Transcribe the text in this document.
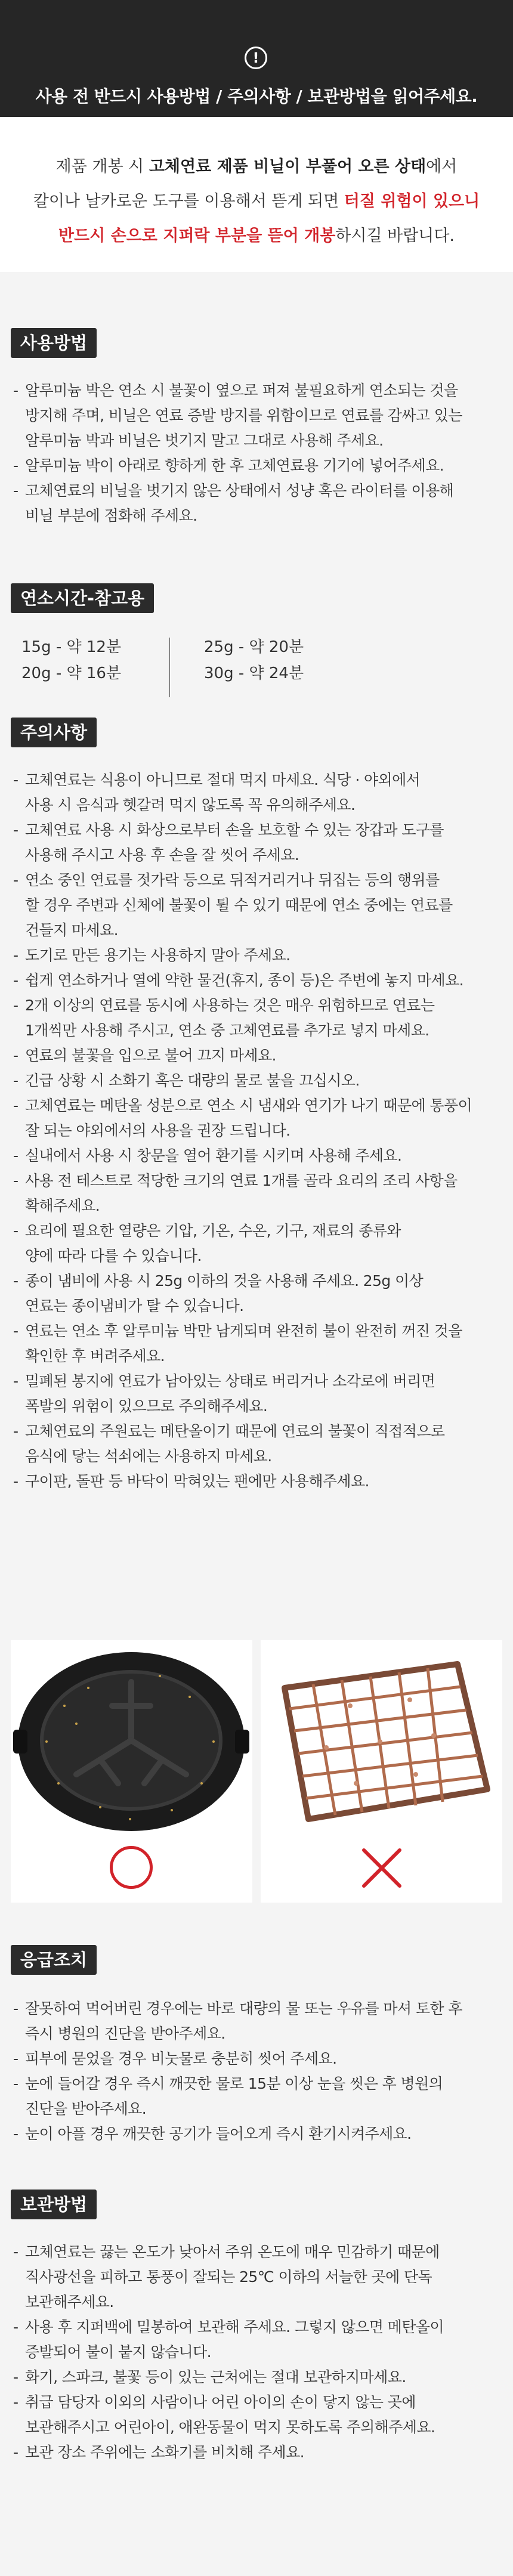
!
사용 전 반드시 사용방법 / 주의사항 / 보관방법을 읽어주세요.
제품 개봉 시 고체연료 제품 비닐이 부풀어 오른 상태에서
칼이나 날카로운 도구를 이용해서 뜯게 되면 터질 위험이 있으니
반드시 손으로 지퍼락 부분을 뜯어 개봉하시길 바랍니다.
사용방법
- 알루미늄 박은 연소 시 불꽃이 옆으로 퍼져 불필요하게 연소되는 것을
방지해 주며, 비닐은 연료 증발 방지를 위함이므로 연료를 감싸고 있는
알루미늄 박과 비닐은 벗기지 말고 그대로 사용해 주세요.
- 알루미늄 박이 아래로 향하게 한 후 고체연료용 기기에 넣어주세요.
- 고체연료의 비닐을 벗기지 않은 상태에서 성냥 혹은 라이터를 이용해
비닐 부분에 점화해 주세요.
연소시간-참고용
15g - 약 12분
20g - 약 16분
25g - 약 20분
30g - 약 24분
주의사항
- 고체연료는 식용이 아니므로 절대 먹지 마세요. 식당 · 야외에서
사용 시 음식과 헷갈려 먹지 않도록 꼭 유의해주세요.
- 고체연료 사용 시 화상으로부터 손을 보호할 수 있는 장갑과 도구를
사용해 주시고 사용 후 손을 잘 씻어 주세요.
- 연소 중인 연료를 젓가락 등으로 뒤적거리거나 뒤집는 등의 행위를
할 경우 주변과 신체에 불꽃이 튈 수 있기 때문에 연소 중에는 연료를
건들지 마세요.
- 도기로 만든 용기는 사용하지 말아 주세요.
- 쉽게 연소하거나 열에 약한 물건(휴지, 종이 등)은 주변에 놓지 마세요.
- 2개 이상의 연료를 동시에 사용하는 것은 매우 위험하므로 연료는
1개씩만 사용해 주시고, 연소 중 고체연료를 추가로 넣지 마세요.
- 연료의 불꽃을 입으로 불어 끄지 마세요.
- 긴급 상황 시 소화기 혹은 대량의 물로 불을 끄십시오.
- 고체연료는 메탄올 성분으로 연소 시 냄새와 연기가 나기 때문에 통풍이
잘 되는 야외에서의 사용을 권장 드립니다.
- 실내에서 사용 시 창문을 열어 환기를 시키며 사용해 주세요.
- 사용 전 테스트로 적당한 크기의 연료 1개를 골라 요리의 조리 사항을
확해주세요.
- 요리에 필요한 열량은 기압, 기온, 수온, 기구, 재료의 종류와
양에 따라 다를 수 있습니다.
- 종이 냄비에 사용 시 25g 이하의 것을 사용해 주세요. 25g 이상
연료는 종이냄비가 탈 수 있습니다.
- 연료는 연소 후 알루미늄 박만 남게되며 완전히 불이 완전히 꺼진 것을
확인한 후 버려주세요.
- 밀폐된 봉지에 연료가 남아있는 상태로 버리거나 소각로에 버리면
폭발의 위험이 있으므로 주의해주세요.
- 고체연료의 주원료는 메탄올이기 때문에 연료의 불꽃이 직접적으로
음식에 닿는 석쇠에는 사용하지 마세요.
- 구이판, 돌판 등 바닥이 막혀있는 팬에만 사용해주세요.
응급조치
- 잘못하여 먹어버린 경우에는 바로 대량의 물 또는 우유를 마셔 토한 후
즉시 병원의 진단을 받아주세요.
- 피부에 묻었을 경우 비눗물로 충분히 씻어 주세요.
- 눈에 들어갈 경우 즉시 깨끗한 물로 15분 이상 눈을 씻은 후 병원의
진단을 받아주세요.
- 눈이 아플 경우 깨끗한 공기가 들어오게 즉시 환기시켜주세요.
보관방법
- 고체연료는 끓는 온도가 낮아서 주위 온도에 매우 민감하기 때문에
직사광선을 피하고 통풍이 잘되는 25℃ 이하의 서늘한 곳에 단독
보관해주세요.
- 사용 후 지퍼백에 밀봉하여 보관해 주세요. 그렇지 않으면 메탄올이
증발되어 불이 붙지 않습니다.
- 화기, 스파크, 불꽃 등이 있는 근처에는 절대 보관하지마세요.
- 취급 담당자 이외의 사람이나 어린 아이의 손이 닿지 않는 곳에
보관해주시고 어린아이, 애완동물이 먹지 못하도록 주의해주세요.
- 보관 장소 주위에는 소화기를 비치해 주세요.
